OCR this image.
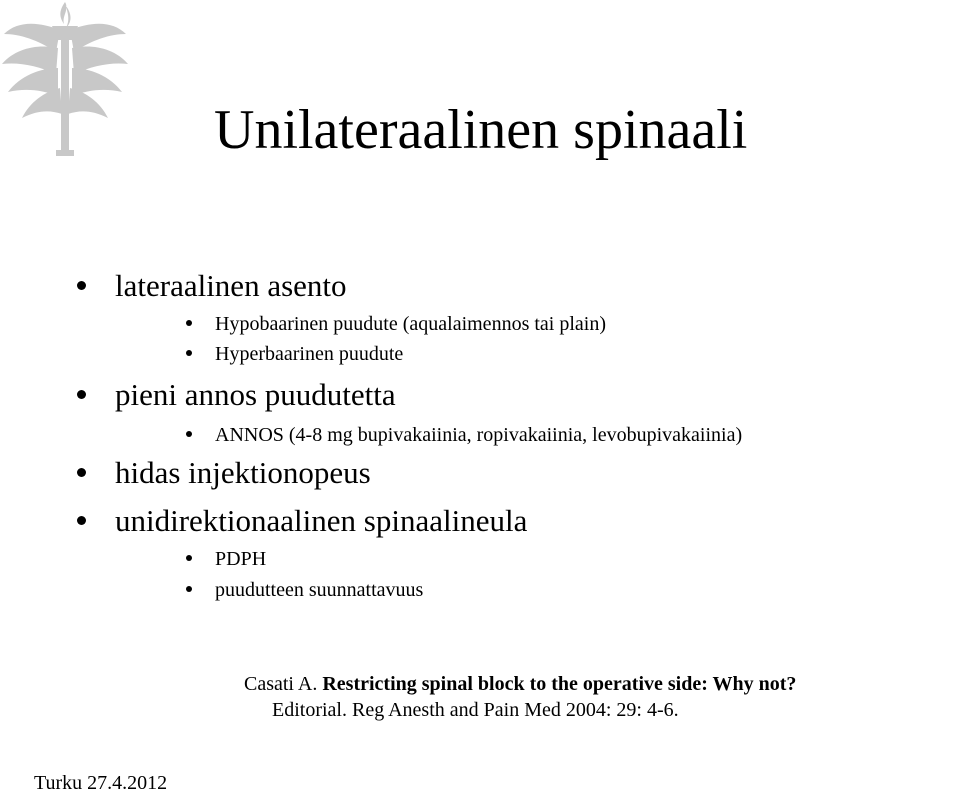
Unilateraalinen spinaali
lateraalinen asento
Hypobaarinen puudute (aqualaimennos tai plain)
Hyperbaarinen puudute
pieni annos puudutetta
ANNOS (4-8 mg bupivakaiinia, ropivakaiinia, levobupivakaiinia)
hidas injektionopeus
unidirektionaalinen spinaalineula
PDPH
puudutteen suunnattavuus
Casati A. Restricting spinal block to the operative side: Why not?
Editorial. Reg Anesth and Pain Med 2004: 29: 4-6.
Turku 27.4.2012
